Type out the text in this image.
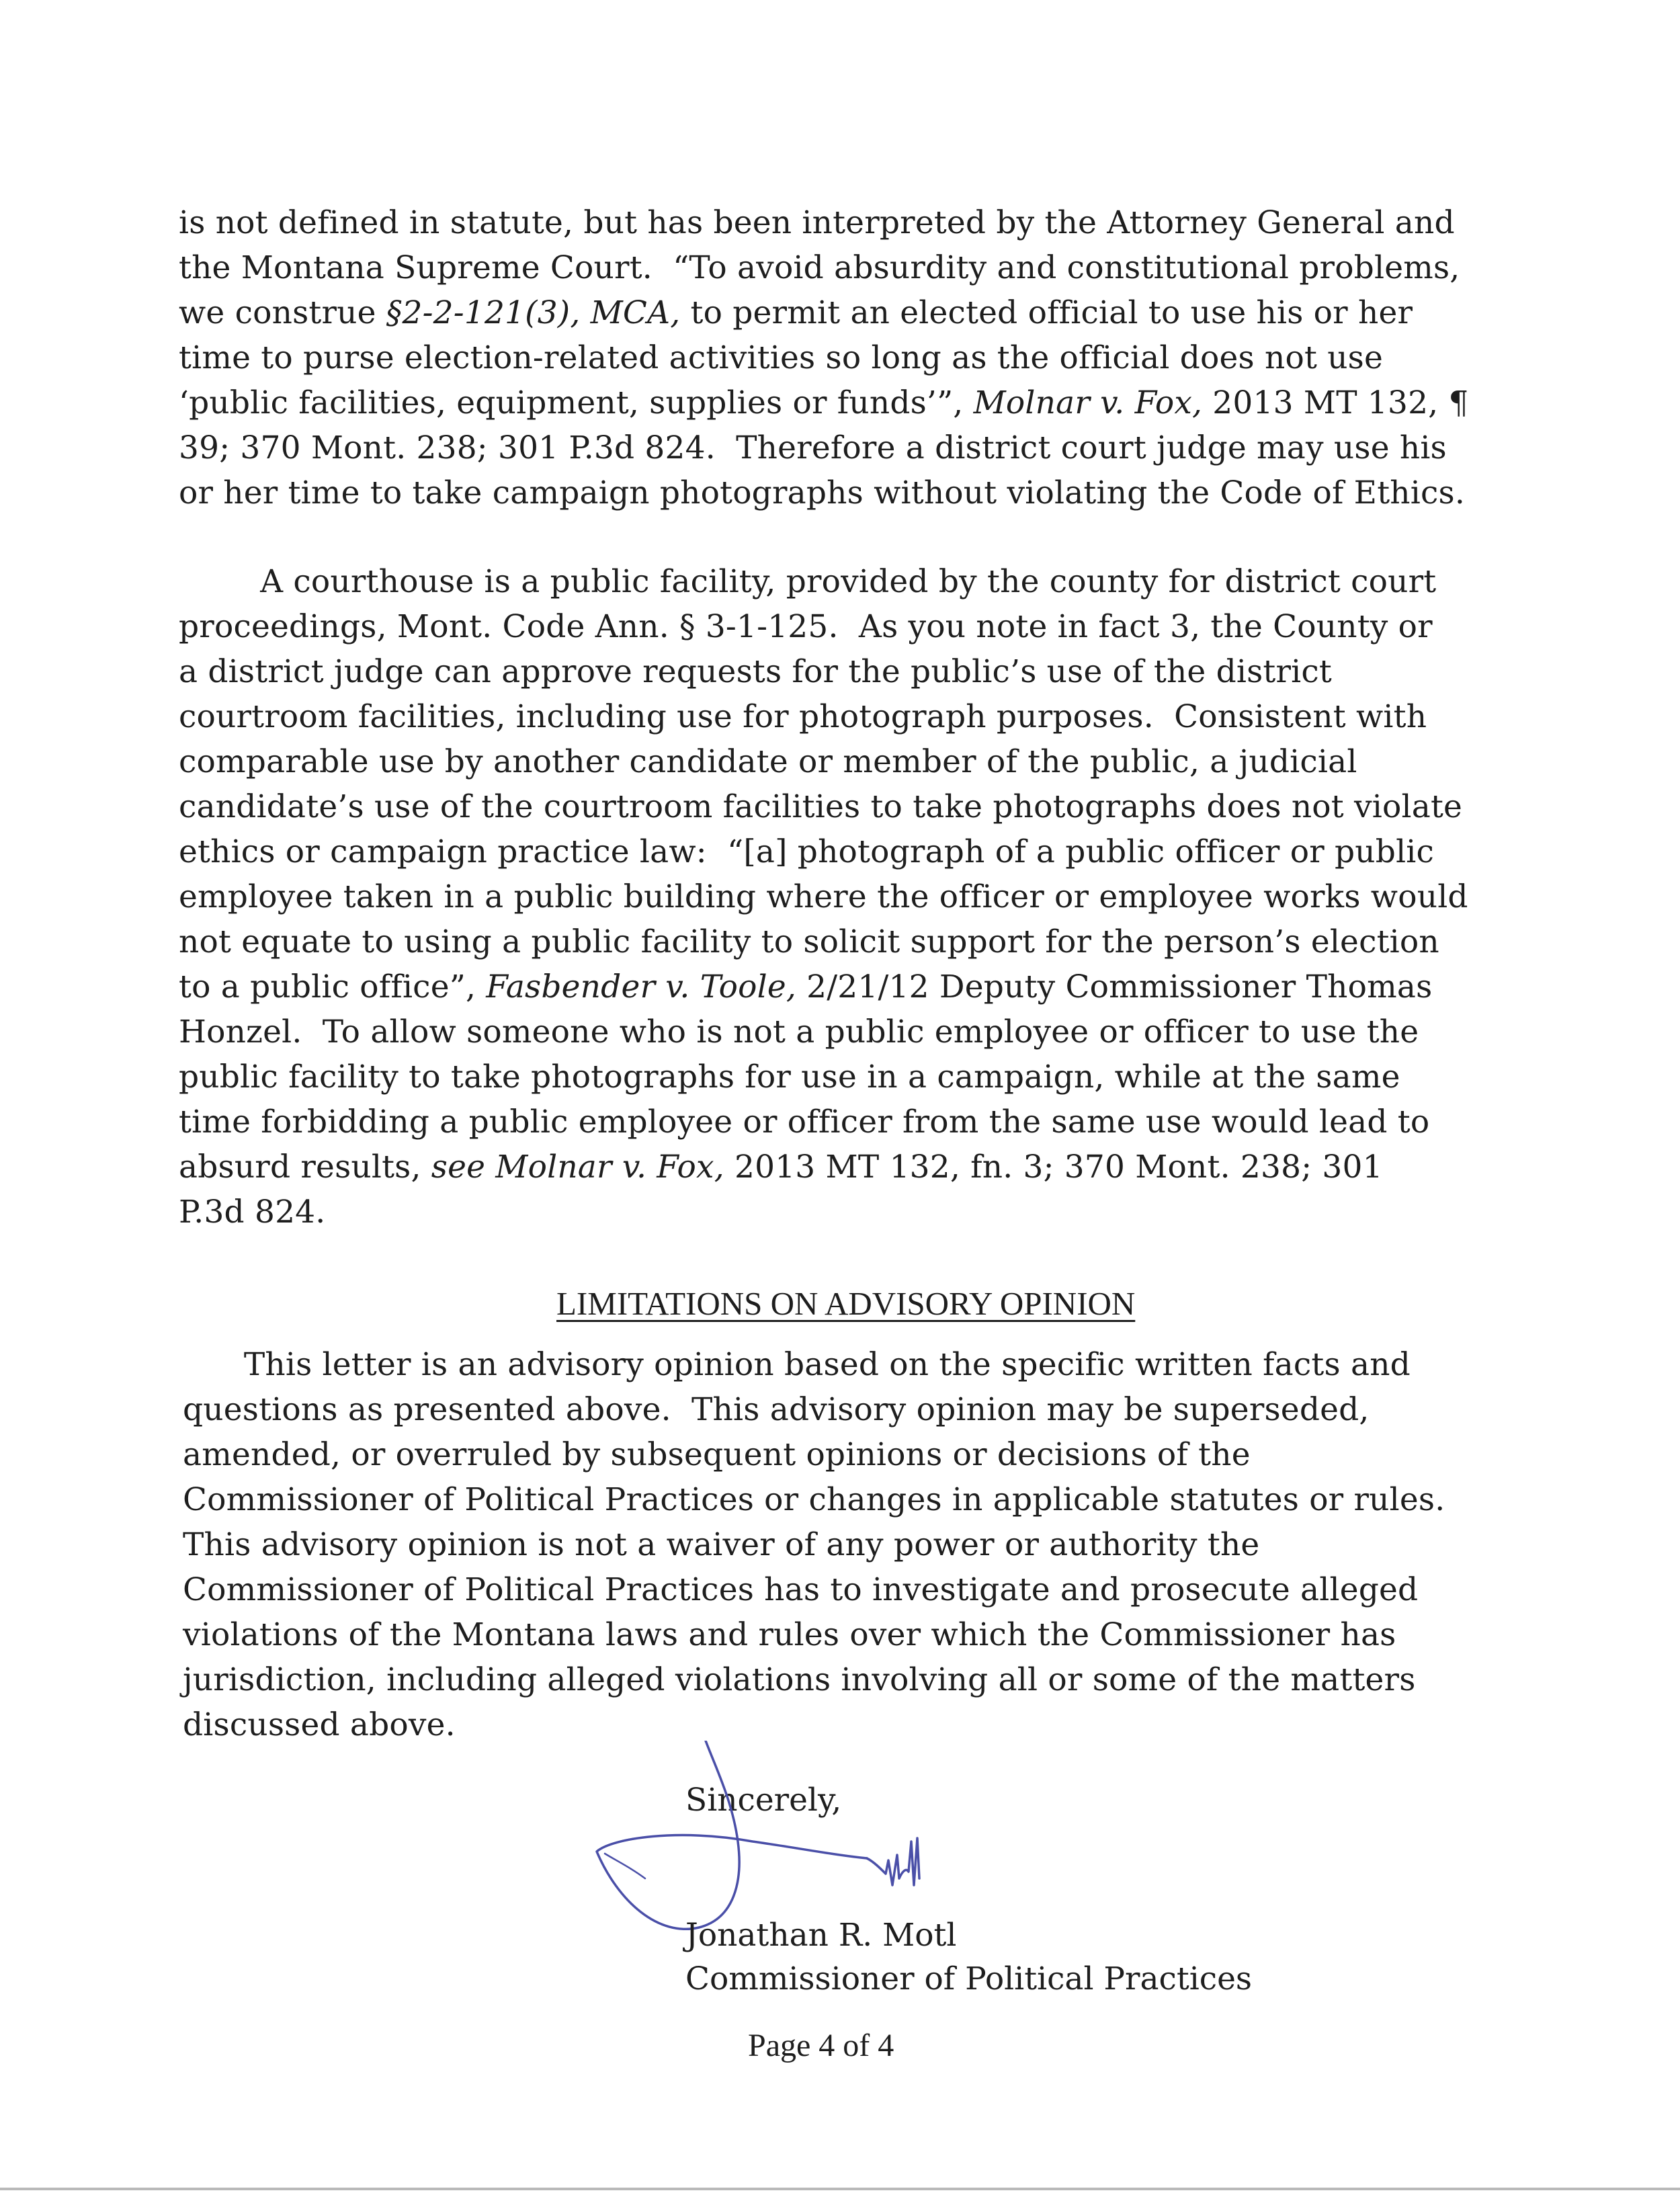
is not defined in statute, but has been interpreted by the Attorney General and
the Montana Supreme Court.  “To avoid absurdity and constitutional problems,
we construe §2-2-121(3), MCA, to permit an elected official to use his or her
time to purse election-related activities so long as the official does not use
‘public facilities, equipment, supplies or funds’”, Molnar v. Fox, 2013 MT 132, ¶
39; 370 Mont. 238; 301 P.3d 824.  Therefore a district court judge may use his
or her time to take campaign photographs without violating the Code of Ethics.
A courthouse is a public facility, provided by the county for district court
proceedings, Mont. Code Ann. § 3-1-125.  As you note in fact 3, the County or
a district judge can approve requests for the public’s use of the district
courtroom facilities, including use for photograph purposes.  Consistent with
comparable use by another candidate or member of the public, a judicial
candidate’s use of the courtroom facilities to take photographs does not violate
ethics or campaign practice law:  “[a] photograph of a public officer or public
employee taken in a public building where the officer or employee works would
not equate to using a public facility to solicit support for the person’s election
to a public office”, Fasbender v. Toole, 2/21/12 Deputy Commissioner Thomas
Honzel.  To allow someone who is not a public employee or officer to use the
public facility to take photographs for use in a campaign, while at the same
time forbidding a public employee or officer from the same use would lead to
absurd results, see Molnar v. Fox, 2013 MT 132, fn. 3; 370 Mont. 238; 301
P.3d 824.
LIMITATIONS ON ADVISORY OPINION
This letter is an advisory opinion based on the specific written facts and
questions as presented above.  This advisory opinion may be superseded,
amended, or overruled by subsequent opinions or decisions of the
Commissioner of Political Practices or changes in applicable statutes or rules.
This advisory opinion is not a waiver of any power or authority the
Commissioner of Political Practices has to investigate and prosecute alleged
violations of the Montana laws and rules over which the Commissioner has
jurisdiction, including alleged violations involving all or some of the matters
discussed above.
Sincerely,
Jonathan R. Motl
Commissioner of Political Practices
Page 4 of 4
